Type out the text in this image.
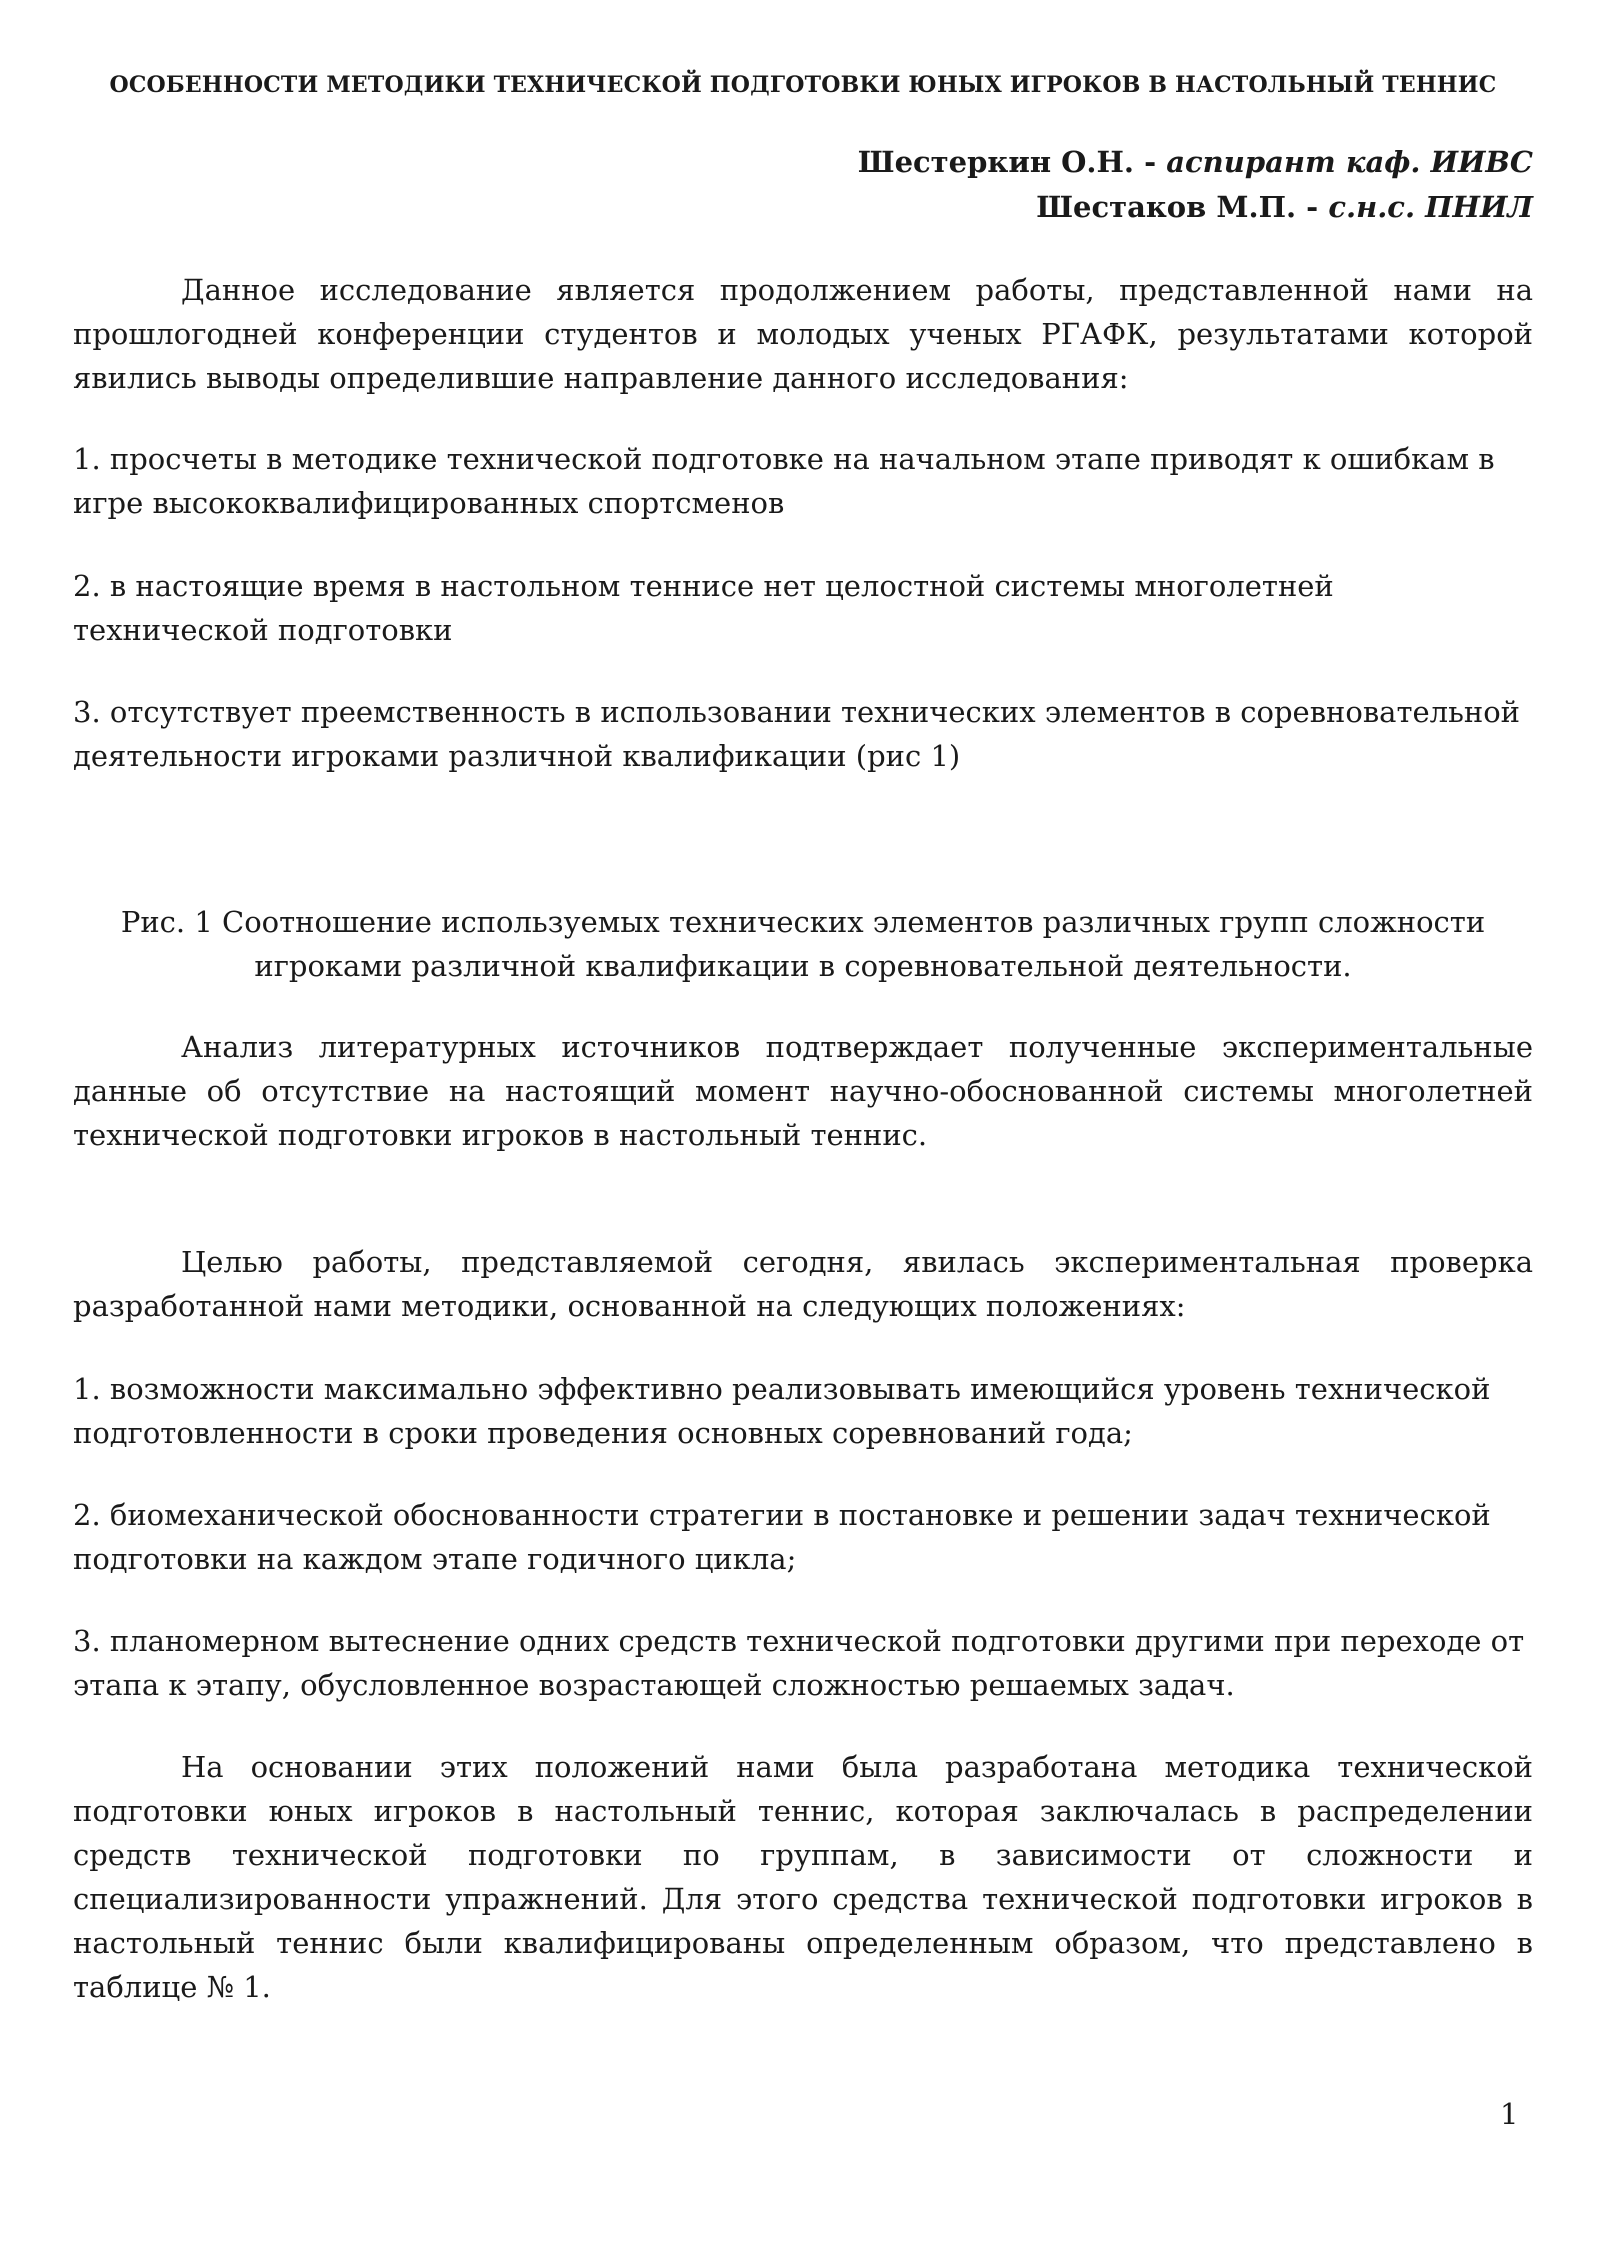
ОСОБЕННОСТИ МЕТОДИКИ ТЕХНИЧЕСКОЙ ПОДГОТОВКИ ЮНЫХ ИГРОКОВ В НАСТОЛЬНЫЙ ТЕННИС
Шестеркин О.Н. - аспирант каф. ИИВС
Шестаков М.П. - с.н.с. ПНИЛ
Данное исследование является продолжением работы, представленной нами на прошлогодней конференции студентов и молодых ученых РГАФК, результатами которой явились выводы определившие направление данного исследования:
1. просчеты в методике технической подготовке на начальном этапе приводят к ошибкам в игре высококвалифицированных спортсменов
2. в настоящие время в настольном теннисе нет целостной системы многолетней технической подготовки
3. отсутствует преемственность в использовании технических элементов в соревновательной деятельности игроками различной квалификации (рис 1)
Рис. 1 Соотношение используемых технических элементов различных групп сложности игроками различной квалификации в соревновательной деятельности.
Анализ литературных источников подтверждает полученные экспериментальные данные об отсутствие на настоящий момент научно-обоснованной системы многолетней технической подготовки игроков в настольный теннис.
Целью работы, представляемой сегодня, явилась экспериментальная проверка разработанной нами методики, основанной на следующих положениях:
1. возможности максимально эффективно реализовывать имеющийся уровень технической подготовленности в сроки проведения основных соревнований года;
2. биомеханической обоснованности стратегии в постановке и решении задач технической подготовки на каждом этапе годичного цикла;
3. планомерном вытеснение одних средств технической подготовки другими при переходе от этапа к этапу, обусловленное возрастающей сложностью решаемых задач.
На основании этих положений нами была разработана методика технической подготовки юных игроков в настольный теннис, которая заключалась в распределении средств технической подготовки по группам, в зависимости от сложности и специализированности упражнений. Для этого средства технической подготовки игроков в настольный теннис были квалифицированы определенным образом, что представлено в таблице № 1.
1
